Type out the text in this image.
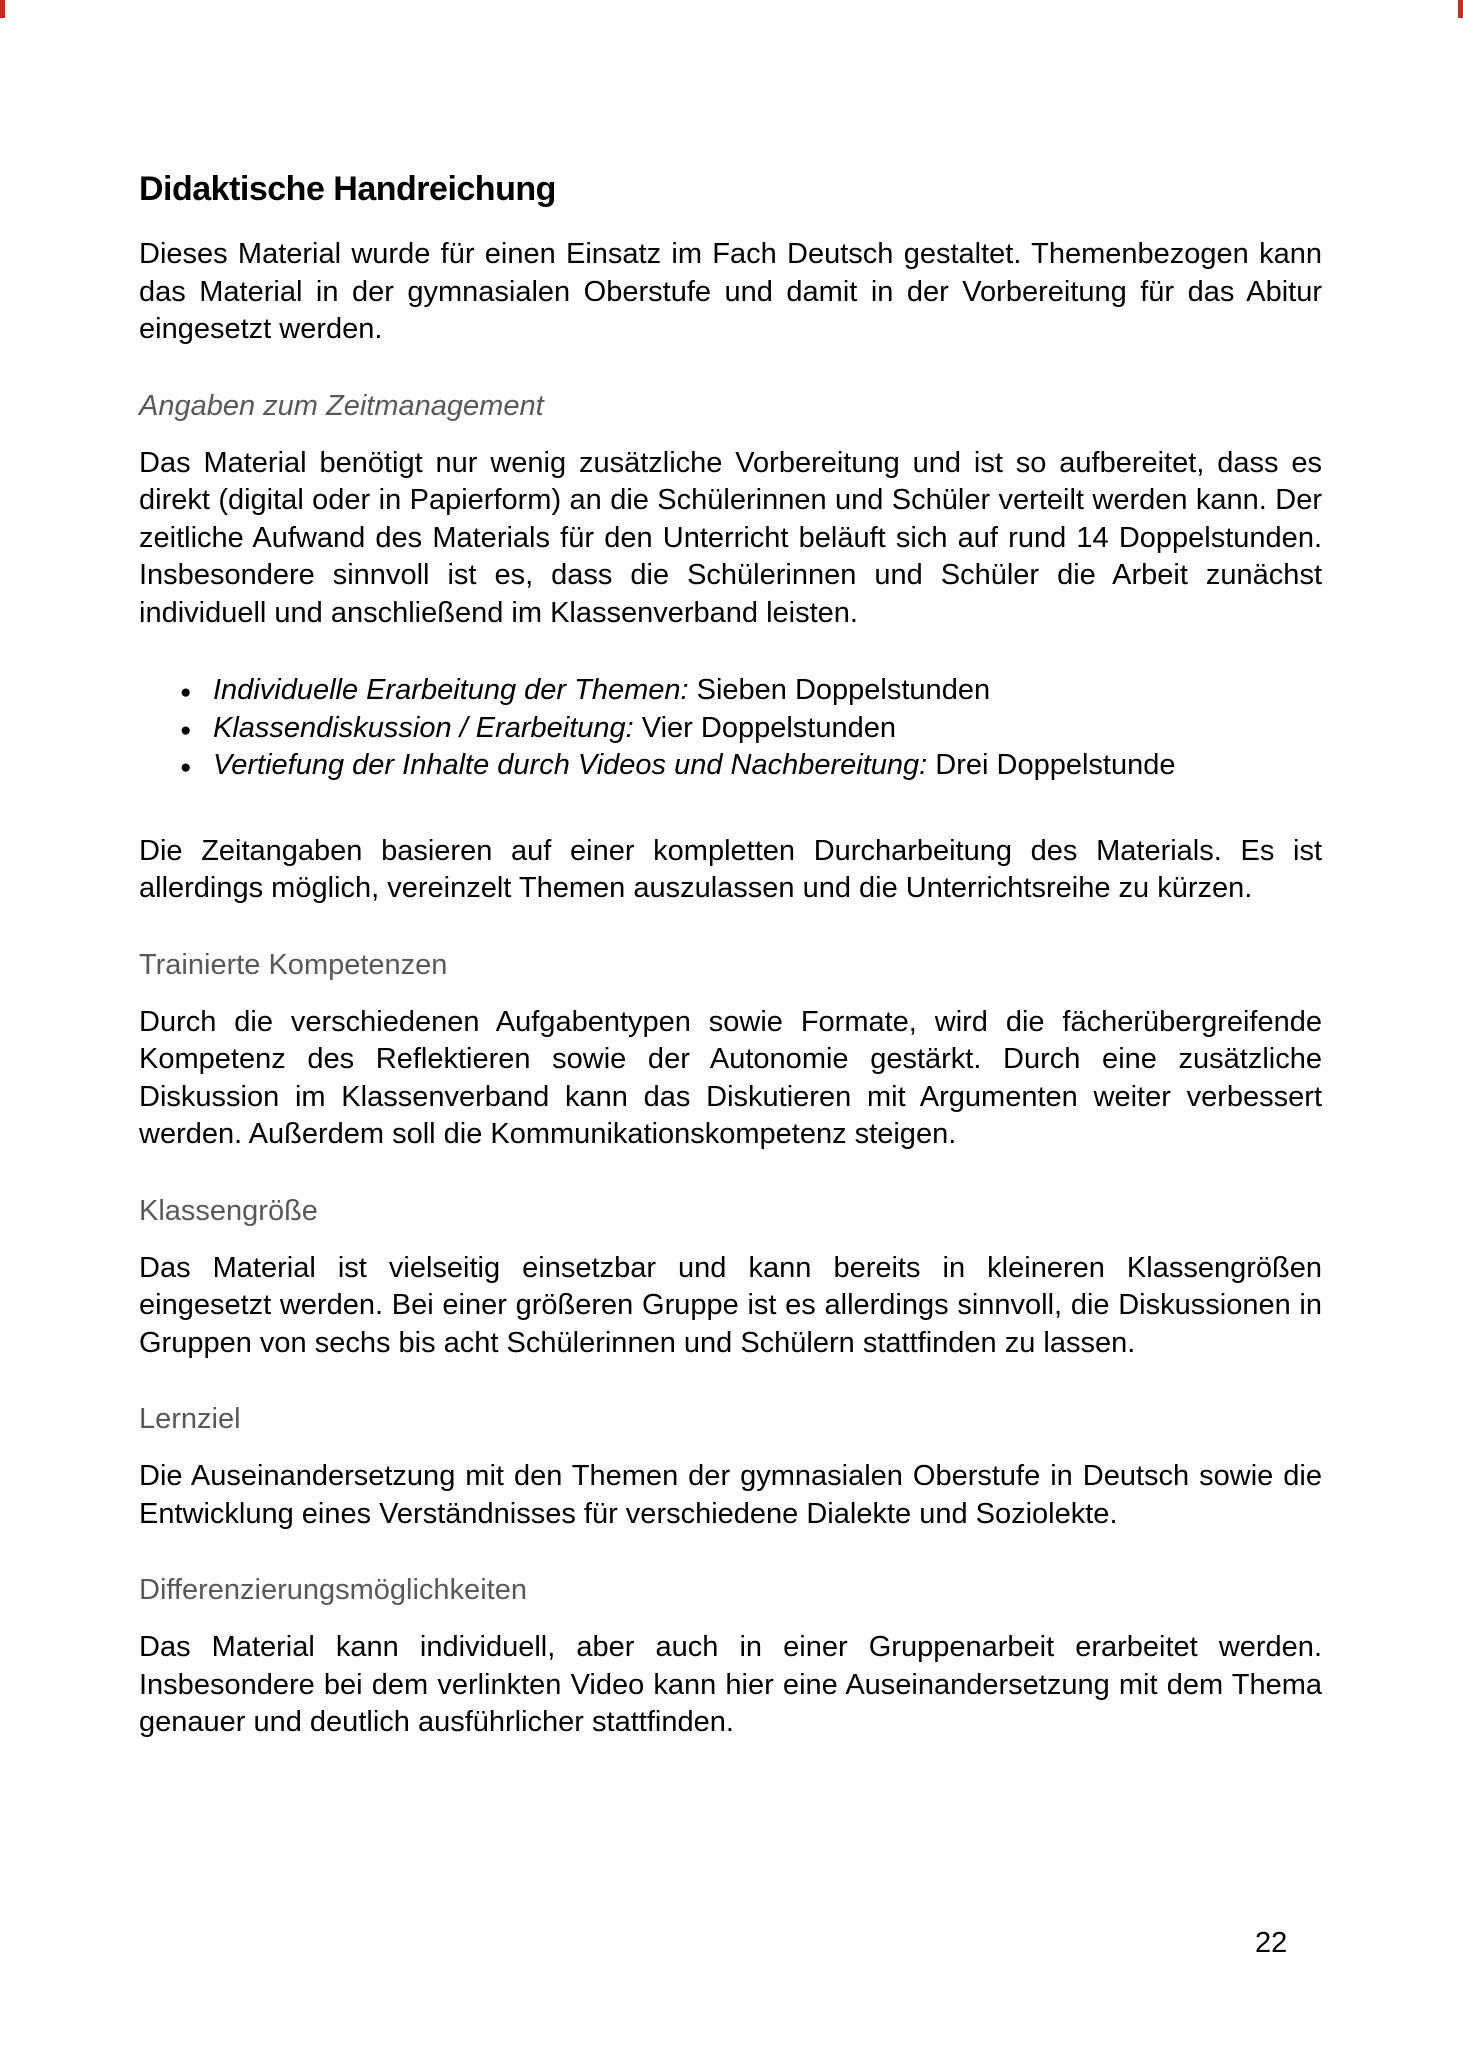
Didaktische Handreichung

Dieses Material wurde für einen Einsatz im Fach Deutsch gestaltet. Themenbezogen kann das Material in der gymnasialen Oberstufe und damit in der Vorbereitung für das Abitur eingesetzt werden.

Angaben zum Zeitmanagement

Das Material benötigt nur wenig zusätzliche Vorbereitung und ist so aufbereitet, dass es direkt (digital oder in Papierform) an die Schülerinnen und Schüler verteilt werden kann. Der zeitliche Aufwand des Materials für den Unterricht beläuft sich auf rund 14 Doppelstunden. Insbesondere sinnvoll ist es, dass die Schülerinnen und Schüler die Arbeit zunächst individuell und anschließend im Klassenverband leisten.

● Individuelle Erarbeitung der Themen: Sieben Doppelstunden
● Klassendiskussion / Erarbeitung: Vier Doppelstunden
● Vertiefung der Inhalte durch Videos und Nachbereitung: Drei Doppelstunde

Die Zeitangaben basieren auf einer kompletten Durcharbeitung des Materials. Es ist allerdings möglich, vereinzelt Themen auszulassen und die Unterrichtsreihe zu kürzen.

Trainierte Kompetenzen

Durch die verschiedenen Aufgabentypen sowie Formate, wird die fächerübergreifende Kompetenz des Reflektieren sowie der Autonomie gestärkt. Durch eine zusätzliche Diskussion im Klassenverband kann das Diskutieren mit Argumenten weiter verbessert werden. Außerdem soll die Kommunikationskompetenz steigen.

Klassengröße

Das Material ist vielseitig einsetzbar und kann bereits in kleineren Klassengrößen eingesetzt werden. Bei einer größeren Gruppe ist es allerdings sinnvoll, die Diskussionen in Gruppen von sechs bis acht Schülerinnen und Schülern stattfinden zu lassen.

Lernziel

Die Auseinandersetzung mit den Themen der gymnasialen Oberstufe in Deutsch sowie die Entwicklung eines Verständnisses für verschiedene Dialekte und Soziolekte.

Differenzierungsmöglichkeiten

Das Material kann individuell, aber auch in einer Gruppenarbeit erarbeitet werden. Insbesondere bei dem verlinkten Video kann hier eine Auseinandersetzung mit dem Thema genauer und deutlich ausführlicher stattfinden.

22
